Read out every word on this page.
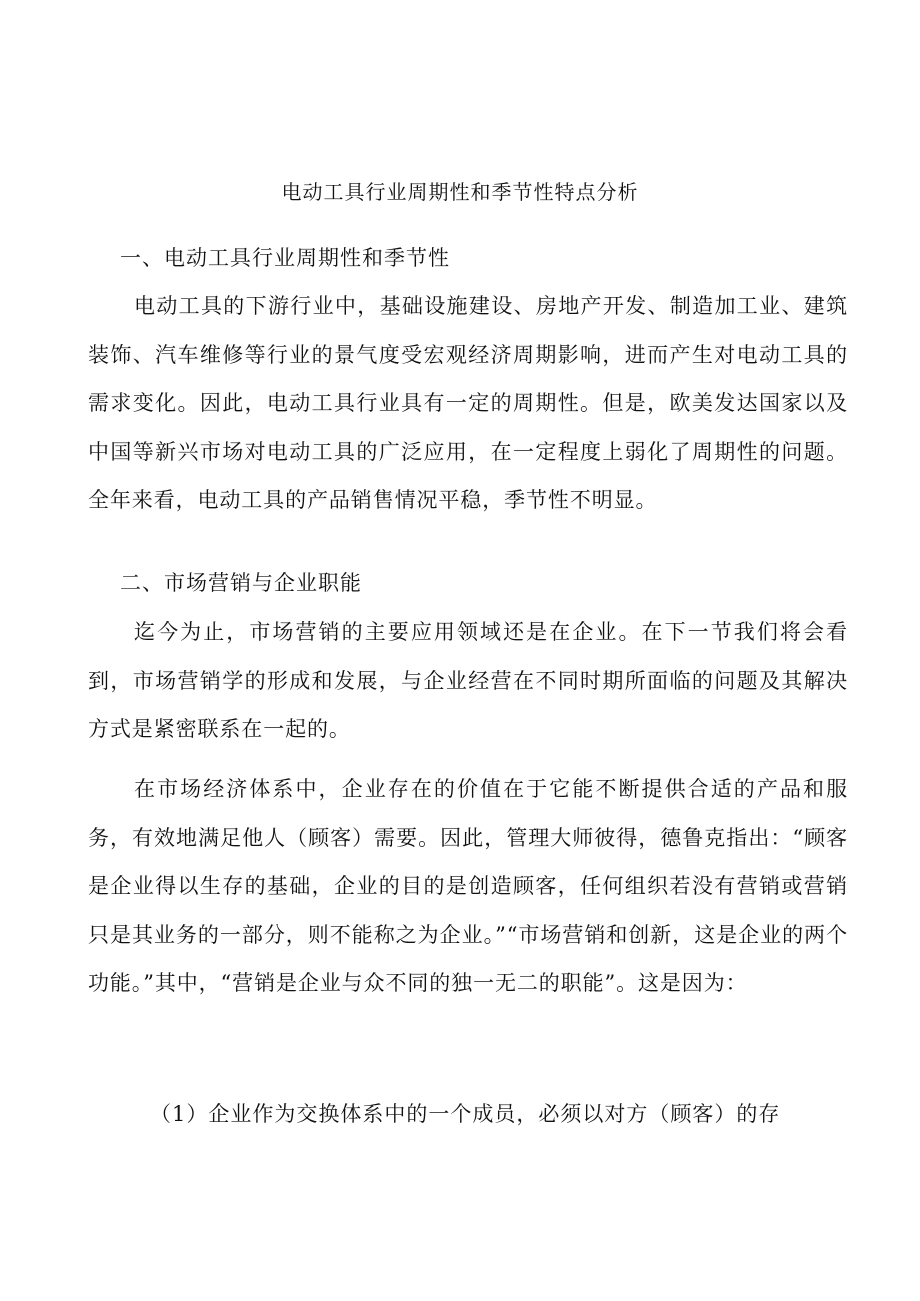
电动工具行业周期性和季节性特点分析
一、电动工具行业周期性和季节性
电动工具的下游行业中，基础设施建设、房地产开发、制造加工业、建筑装饰、汽车维修等行业的景气度受宏观经济周期影响，进而产生对电动工具的需求变化。因此，电动工具行业具有一定的周期性。但是，欧美发达国家以及中国等新兴市场对电动工具的广泛应用，在一定程度上弱化了周期性的问题。全年来看，电动工具的产品销售情况平稳，季节性不明显。
二、市场营销与企业职能
迄今为止，市场营销的主要应用领域还是在企业。在下一节我们将会看到，市场营销学的形成和发展，与企业经营在不同时期所面临的问题及其解决方式是紧密联系在一起的。
在市场经济体系中，企业存在的价值在于它能不断提供合适的产品和服务，有效地满足他人（顾客）需要。因此，管理大师彼得，德鲁克指出：“顾客是企业得以生存的基础，企业的目的是创造顾客，任何组织若没有营销或营销只是其业务的一部分，则不能称之为企业。”“市场营销和创新，这是企业的两个功能。”其中，“营销是企业与众不同的独一无二的职能”。这是因为：
（1）企业作为交换体系中的一个成员，必须以对方（顾客）的存
